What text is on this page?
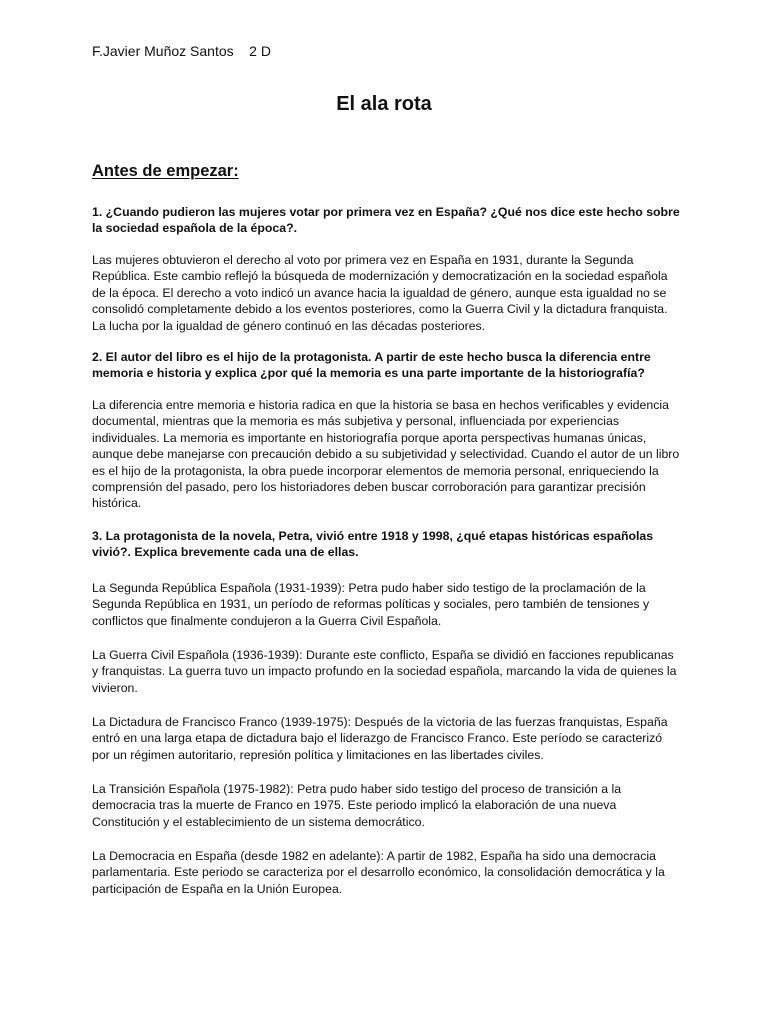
F.Javier Muñoz Santos    2 D
El ala rota
Antes de empezar:
1. ¿Cuando pudieron las mujeres votar por primera vez en España? ¿Qué nos dice este hecho sobre la sociedad española de la época?.
Las mujeres obtuvieron el derecho al voto por primera vez en España en 1931, durante la Segunda República. Este cambio reflejó la búsqueda de modernización y democratización en la sociedad española de la época. El derecho a voto indicó un avance hacia la igualdad de género, aunque esta igualdad no se consolidó completamente debido a los eventos posteriores, como la Guerra Civil y la dictadura franquista. La lucha por la igualdad de género continuó en las décadas posteriores.
2. El autor del libro es el hijo de la protagonista. A partir de este hecho busca la diferencia entre memoria e historia y explica ¿por qué la memoria es una parte importante de la historiografía?
La diferencia entre memoria e historia radica en que la historia se basa en hechos verificables y evidencia documental, mientras que la memoria es más subjetiva y personal, influenciada por experiencias individuales. La memoria es importante en historiografía porque aporta perspectivas humanas únicas, aunque debe manejarse con precaución debido a su subjetividad y selectividad. Cuando el autor de un libro es el hijo de la protagonista, la obra puede incorporar elementos de memoria personal, enriqueciendo la comprensión del pasado, pero los historiadores deben buscar corroboración para garantizar precisión histórica.
3. La protagonista de la novela, Petra, vivió entre 1918 y 1998, ¿qué etapas históricas españolas vivió?. Explica brevemente cada una de ellas.
La Segunda República Española (1931-1939): Petra pudo haber sido testigo de la proclamación de la Segunda República en 1931, un período de reformas políticas y sociales, pero también de tensiones y conflictos que finalmente condujeron a la Guerra Civil Española.
La Guerra Civil Española (1936-1939): Durante este conflicto, España se dividió en facciones republicanas y franquistas. La guerra tuvo un impacto profundo en la sociedad española, marcando la vida de quienes la vivieron.
La Dictadura de Francisco Franco (1939-1975): Después de la victoria de las fuerzas franquistas, España entró en una larga etapa de dictadura bajo el liderazgo de Francisco Franco. Este período se caracterizó por un régimen autoritario, represión política y limitaciones en las libertades civiles.
La Transición Española (1975-1982): Petra pudo haber sido testigo del proceso de transición a la democracia tras la muerte de Franco en 1975. Este periodo implicó la elaboración de una nueva Constitución y el establecimiento de un sistema democrático.
La Democracia en España (desde 1982 en adelante): A partir de 1982, España ha sido una democracia parlamentaria. Este periodo se caracteriza por el desarrollo económico, la consolidación democrática y la participación de España en la Unión Europea.
